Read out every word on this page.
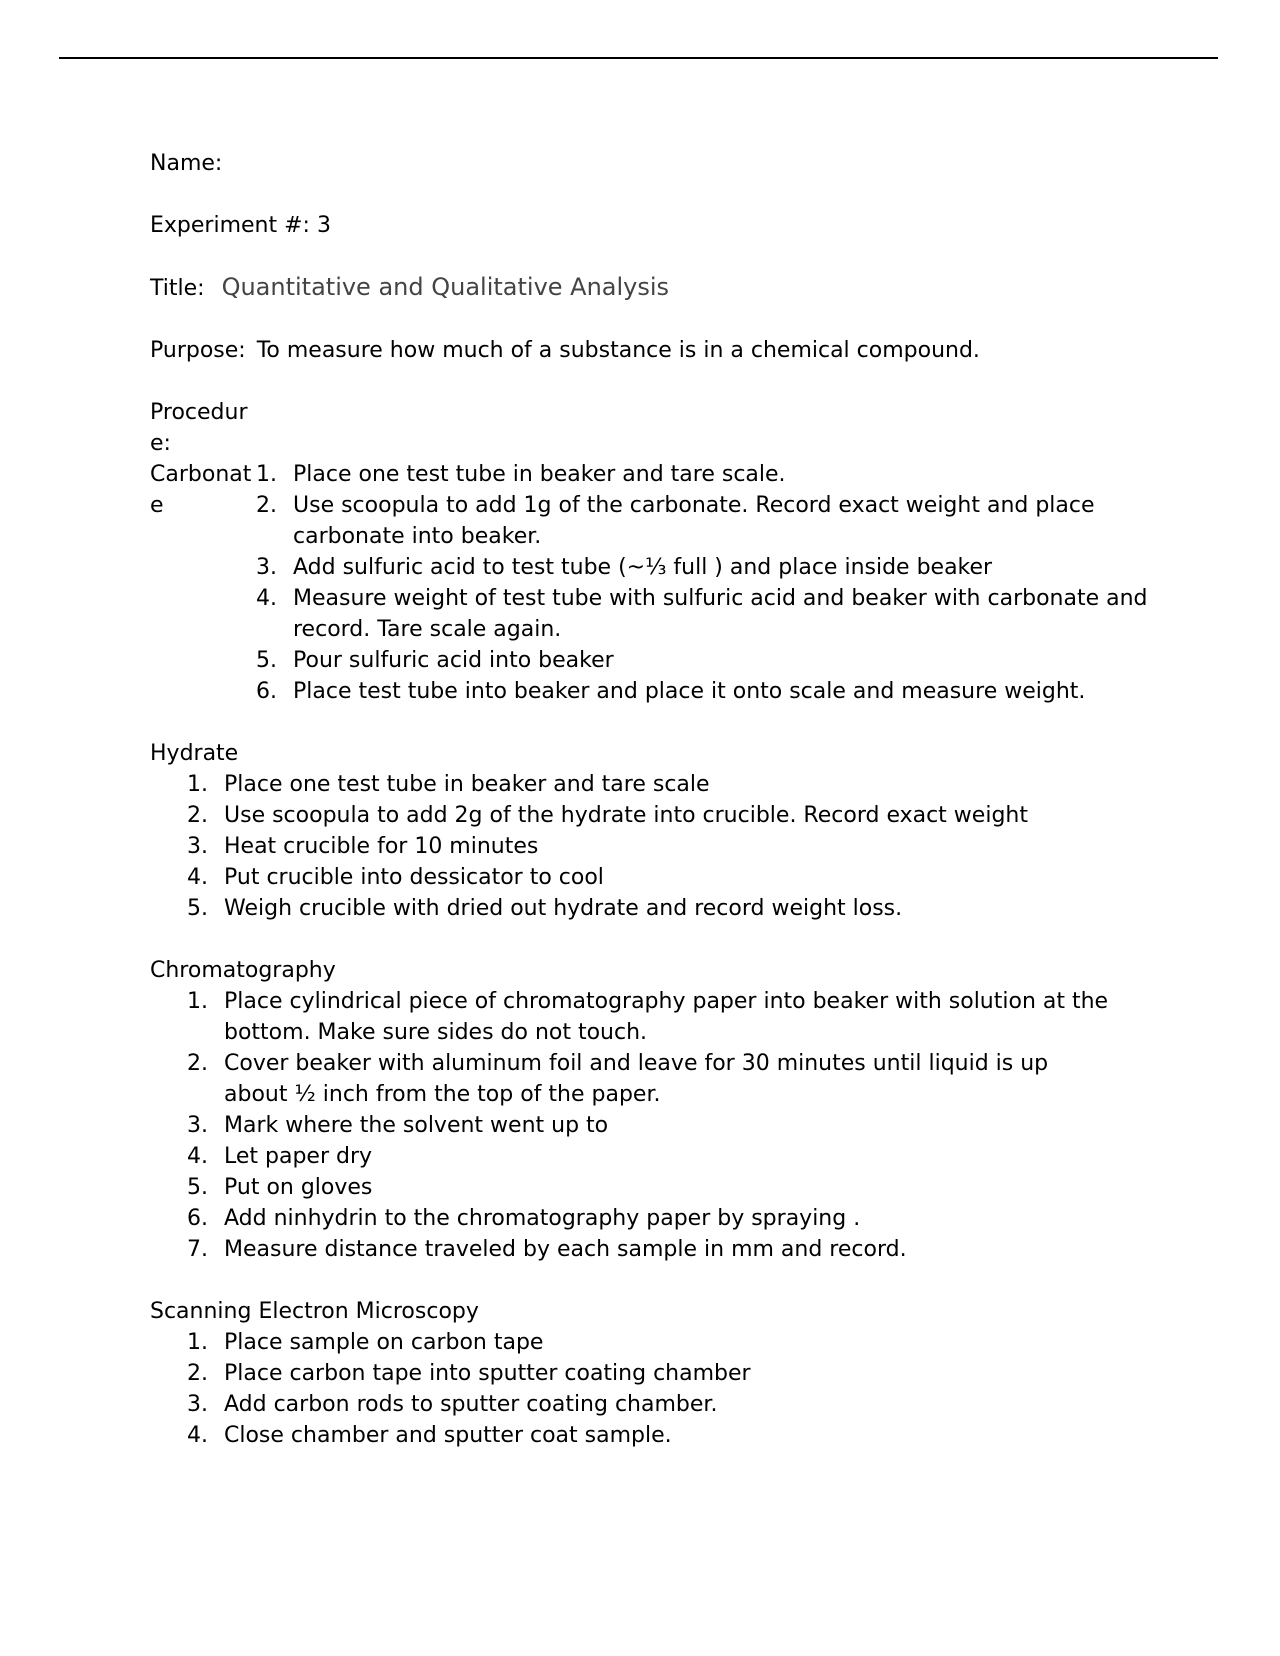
Name:

Experiment #: 3

Title: Quantitative and Qualitative Analysis

Purpose: To measure how much of a substance is in a chemical compound.

Procedur
e:
Carbonat
e
1. Place one test tube in beaker and tare scale.
2. Use scoopula to add 1g of the carbonate. Record exact weight and place carbonate into beaker.
3. Add sulfuric acid to test tube (~⅓ full ) and place inside beaker
4. Measure weight of test tube with sulfuric acid and beaker with carbonate and record. Tare scale again.
5. Pour sulfuric acid into beaker
6. Place test tube into beaker and place it onto scale and measure weight.

Hydrate

1. Place one test tube in beaker and tare scale
2. Use scoopula to add 2g of the hydrate into crucible. Record exact weight
3. Heat crucible for 10 minutes
4. Put crucible into dessicator to cool
5. Weigh crucible with dried out hydrate and record weight loss.

Chromatography

1. Place cylindrical piece of chromatography paper into beaker with solution at the bottom. Make sure sides do not touch.
2. Cover beaker with aluminum foil and leave for 30 minutes until liquid is up about ½ inch from the top of the paper.
3. Mark where the solvent went up to
4. Let paper dry
5. Put on gloves
6. Add ninhydrin to the chromatography paper by spraying .
7. Measure distance traveled by each sample in mm and record.

Scanning Electron Microscopy

1. Place sample on carbon tape
2. Place carbon tape into sputter coating chamber
3. Add carbon rods to sputter coating chamber.
4. Close chamber and sputter coat sample.
